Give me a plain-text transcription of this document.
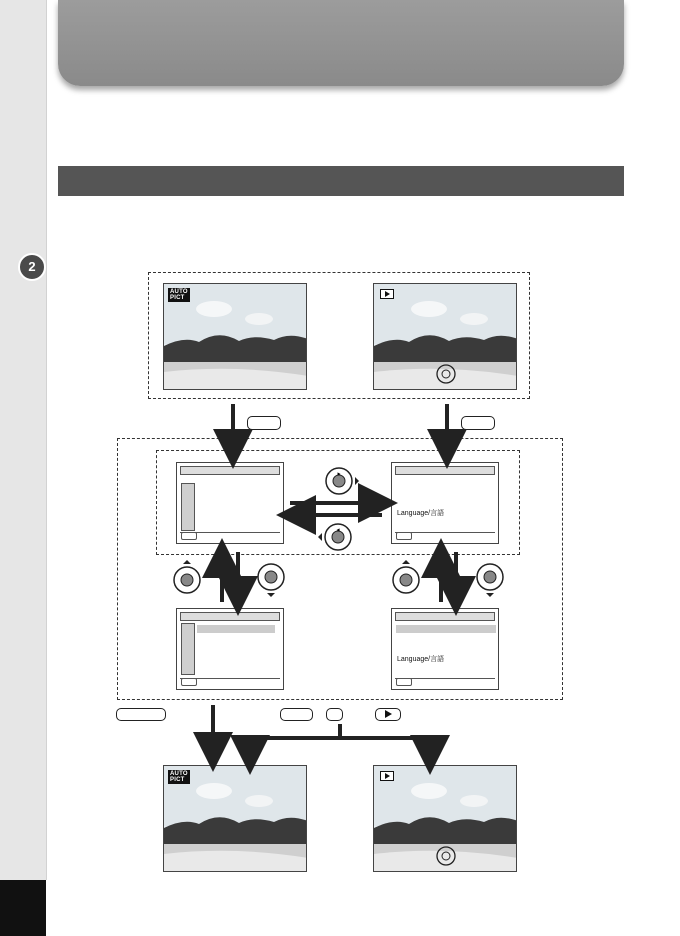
2
AUTO
PICT
AUTO
PICT
Language/言語
Language/言語
▶
◀
